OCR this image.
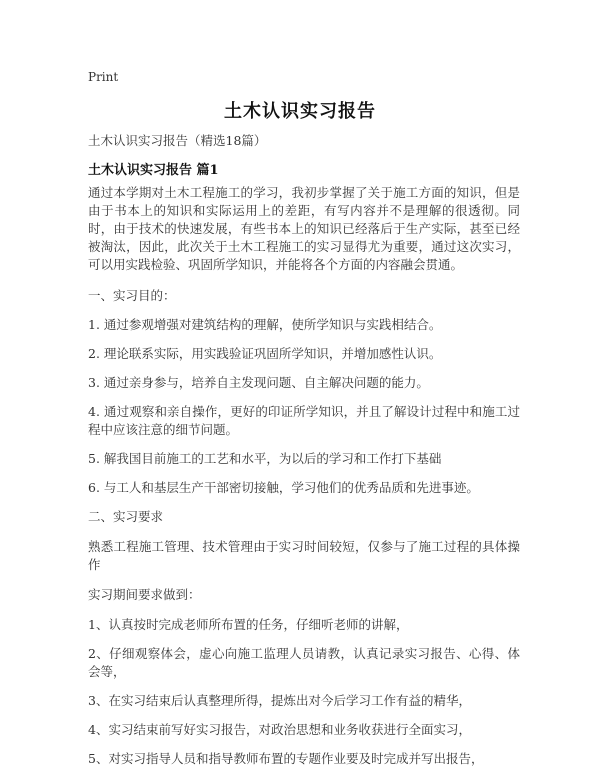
Print
土木认识实习报告
土木认识实习报告（精选18篇）
土木认识实习报告 篇1

通过本学期对土木工程施工的学习，我初步掌握了关于施工方面的知识，但是由于书本上的知识和实际运用上的差距，有写内容并不是理解的很透彻。同时，由于技术的快速发展，有些书本上的知识已经落后于生产实际，甚至已经被淘汰，因此，此次关于土木工程施工的实习显得尤为重要，通过这次实习，可以用实践检验、巩固所学知识，并能将各个方面的内容融会贯通。

一、实习目的：

1. 通过参观增强对建筑结构的理解，使所学知识与实践相结合。

2. 理论联系实际，用实践验证巩固所学知识，并增加感性认识。

3. 通过亲身参与，培养自主发现问题、自主解决问题的能力。

4. 通过观察和亲自操作，更好的印证所学知识，并且了解设计过程中和施工过程中应该注意的细节问题。

5. 解我国目前施工的工艺和水平，为以后的学习和工作打下基础

6. 与工人和基层生产干部密切接触，学习他们的优秀品质和先进事迹。

二、实习要求

熟悉工程施工管理、技术管理由于实习时间较短，仅参与了施工过程的具体操作

实习期间要求做到：

1、认真按时完成老师所布置的任务，仔细听老师的讲解，

2、仔细观察体会，虚心向施工监理人员请教，认真记录实习报告、心得、体会等，

3、在实习结束后认真整理所得，提炼出对今后学习工作有益的精华，

4、实习结束前写好实习报告，对政治思想和业务收获进行全面实习，

5、对实习指导人员和指导教师布置的专题作业要及时完成并写出报告，
